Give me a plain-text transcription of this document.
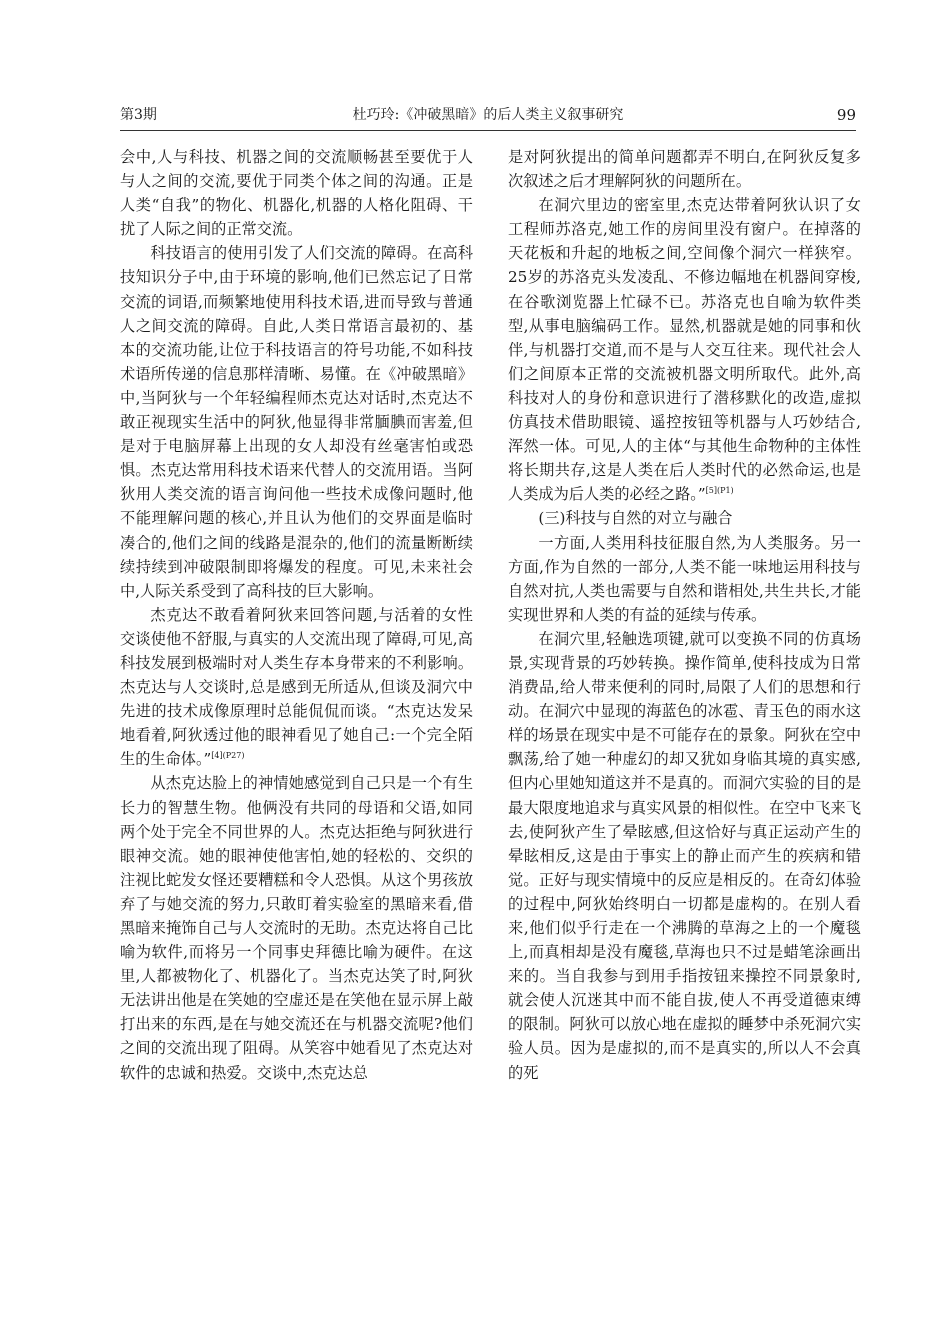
第3期	杜巧玲:《冲破黑暗》的后人类主义叙事研究	99

会中,人与科技、机器之间的交流顺畅甚至要优于人与人之间的交流,要优于同类个体之间的沟通。正是人类“自我”的物化、机器化,机器的人格化阻碍、干扰了人际之间的正常交流。

科技语言的使用引发了人们交流的障碍。在高科技知识分子中,由于环境的影响,他们已然忘记了日常交流的词语,而频繁地使用科技术语,进而导致与普通人之间交流的障碍。自此,人类日常语言最初的、基本的交流功能,让位于科技语言的符号功能,不如科技术语所传递的信息那样清晰、易懂。在《冲破黑暗》中,当阿狄与一个年轻编程师杰克达对话时,杰克达不敢正视现实生活中的阿狄,他显得非常腼腆而害羞,但是对于电脑屏幕上出现的女人却没有丝毫害怕或恐惧。杰克达常用科技术语来代替人的交流用语。当阿狄用人类交流的语言询问他一些技术成像问题时,他不能理解问题的核心,并且认为他们的交界面是临时凑合的,他们之间的线路是混杂的,他们的流量断断续续持续到冲破限制即将爆发的程度。可见,未来社会中,人际关系受到了高科技的巨大影响。

杰克达不敢看着阿狄来回答问题,与活着的女性交谈使他不舒服,与真实的人交流出现了障碍,可见,高科技发展到极端时对人类生存本身带来的不利影响。杰克达与人交谈时,总是感到无所适从,但谈及洞穴中先进的技术成像原理时总能侃侃而谈。“杰克达发呆地看着,阿狄透过他的眼神看见了她自己:一个完全陌生的生命体。”$^{[4](P27)}$

从杰克达脸上的神情她感觉到自己只是一个有生长力的智慧生物。他俩没有共同的母语和父语,如同两个处于完全不同世界的人。杰克达拒绝与阿狄进行眼神交流。她的眼神使他害怕,她的轻松的、交织的注视比蛇发女怪还要糟糕和令人恐惧。从这个男孩放弃了与她交流的努力,只敢盯着实验室的黑暗来看,借黑暗来掩饰自己与人交流时的无助。杰克达将自己比喻为软件,而将另一个同事史拜德比喻为硬件。在这里,人都被物化了、机器化了。当杰克达笑了时,阿狄无法讲出他是在笑她的空虚还是在笑他在显示屏上敲打出来的东西,是在与她交流还在与机器交流呢?他们之间的交流出现了阻碍。从笑容中她看见了杰克达对软件的忠诚和热爱。交谈中,杰克达总

是对阿狄提出的简单问题都弄不明白,在阿狄反复多次叙述之后才理解阿狄的问题所在。

在洞穴里边的密室里,杰克达带着阿狄认识了女工程师苏洛克,她工作的房间里没有窗户。在掉落的天花板和升起的地板之间,空间像个洞穴一样狭窄。25岁的苏洛克头发凌乱、不修边幅地在机器间穿梭,在谷歌浏览器上忙碌不已。苏洛克也自喻为软件类型,从事电脑编码工作。显然,机器就是她的同事和伙伴,与机器打交道,而不是与人交互往来。现代社会人们之间原本正常的交流被机器文明所取代。此外,高科技对人的身份和意识进行了潜移默化的改造,虚拟仿真技术借助眼镜、遥控按钮等机器与人巧妙结合,浑然一体。可见,人的主体“与其他生命物种的主体性将长期共存,这是人类在后人类时代的必然命运,也是人类成为后人类的必经之路。”$^{[5](P1)}$

(三)科技与自然的对立与融合

一方面,人类用科技征服自然,为人类服务。另一方面,作为自然的一部分,人类不能一味地运用科技与自然对抗,人类也需要与自然和谐相处,共生共长,才能实现世界和人类的有益的延续与传承。

在洞穴里,轻触选项键,就可以变换不同的仿真场景,实现背景的巧妙转换。操作简单,使科技成为日常消费品,给人带来便利的同时,局限了人们的思想和行动。在洞穴中显现的海蓝色的冰雹、青玉色的雨水这样的场景在现实中是不可能存在的景象。阿狄在空中飘荡,给了她一种虚幻的却又犹如身临其境的真实感,但内心里她知道这并不是真的。而洞穴实验的目的是最大限度地追求与真实风景的相似性。在空中飞来飞去,使阿狄产生了晕眩感,但这恰好与真正运动产生的晕眩相反,这是由于事实上的静止而产生的疾病和错觉。正好与现实情境中的反应是相反的。在奇幻体验的过程中,阿狄始终明白一切都是虚构的。在别人看来,他们似乎行走在一个沸腾的草海之上的一个魔毯上,而真相却是没有魔毯,草海也只不过是蜡笔涂画出来的。当自我参与到用手指按钮来操控不同景象时,就会使人沉迷其中而不能自拔,使人不再受道德束缚的限制。阿狄可以放心地在虚拟的睡梦中杀死洞穴实验人员。因为是虚拟的,而不是真实的,所以人不会真的死
